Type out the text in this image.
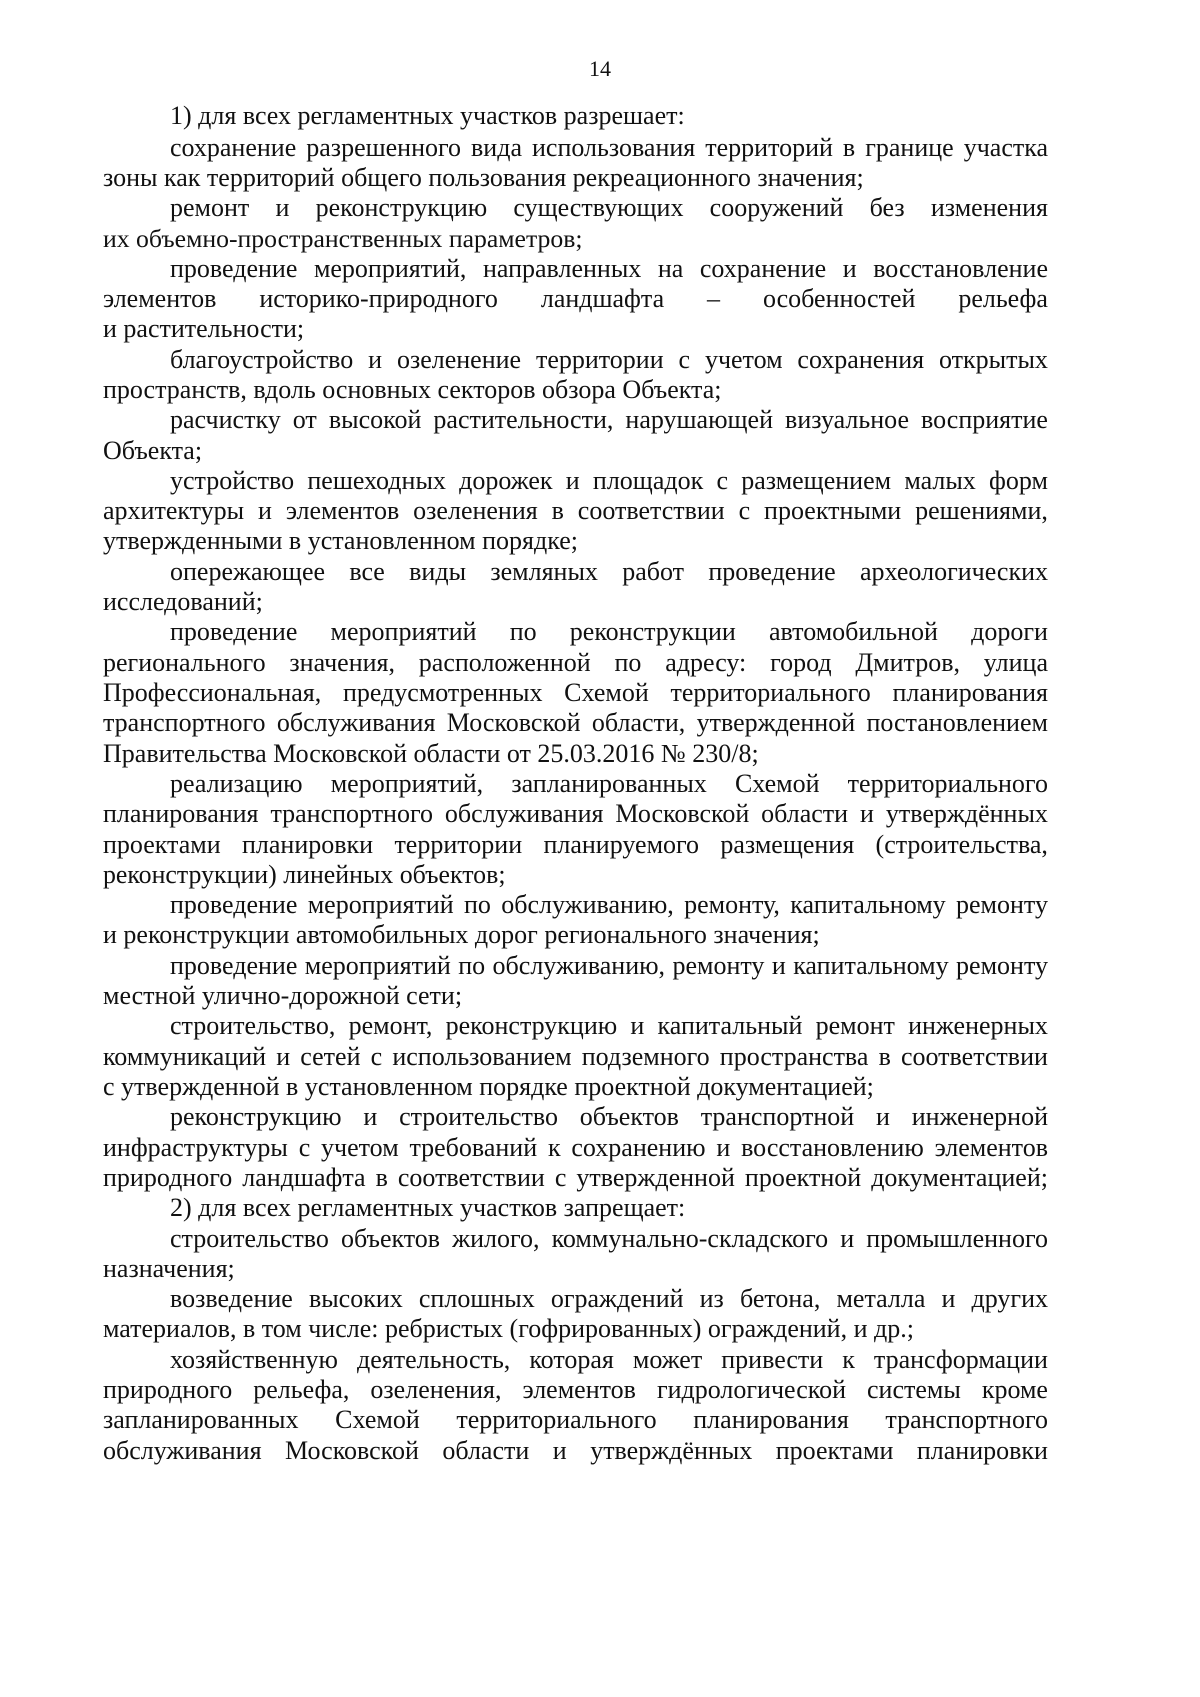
14
1) для всех регламентных участков разрешает:
сохранение разрешенного вида использования территорий в границе участка
зоны как территорий общего пользования рекреационного значения;
ремонт и реконструкцию существующих сооружений без изменения
их объемно-пространственных параметров;
проведение мероприятий, направленных на сохранение и восстановление
элементов историко-природного ландшафта – особенностей рельефа
и растительности;
благоустройство и озеленение территории с учетом сохранения открытых
пространств, вдоль основных секторов обзора Объекта;
расчистку от высокой растительности, нарушающей визуальное восприятие
Объекта;
устройство пешеходных дорожек и площадок с размещением малых форм
архитектуры и элементов озеленения в соответствии с проектными решениями,
утвержденными в установленном порядке;
опережающее все виды земляных работ проведение археологических
исследований;
проведение мероприятий по реконструкции автомобильной дороги
регионального значения, расположенной по адресу: город Дмитров, улица
Профессиональная, предусмотренных Схемой территориального планирования
транспортного обслуживания Московской области, утвержденной постановлением
Правительства Московской области от 25.03.2016 № 230/8;
реализацию мероприятий, запланированных Схемой территориального
планирования транспортного обслуживания Московской области и утверждённых
проектами планировки территории планируемого размещения (строительства,
реконструкции) линейных объектов;
проведение мероприятий по обслуживанию, ремонту, капитальному ремонту
и реконструкции автомобильных дорог регионального значения;
проведение мероприятий по обслуживанию, ремонту и капитальному ремонту
местной улично-дорожной сети;
строительство, ремонт, реконструкцию и капитальный ремонт инженерных
коммуникаций и сетей с использованием подземного пространства в соответствии
с утвержденной в установленном порядке проектной документацией;
реконструкцию и строительство объектов транспортной и инженерной
инфраструктуры с учетом требований к сохранению и восстановлению элементов
природного ландшафта в соответствии с утвержденной проектной документацией;
2) для всех регламентных участков запрещает:
строительство объектов жилого, коммунально-складского и промышленного
назначения;
возведение высоких сплошных ограждений из бетона, металла и других
материалов, в том числе: ребристых (гофрированных) ограждений, и др.;
хозяйственную деятельность, которая может привести к трансформации
природного рельефа, озеленения, элементов гидрологической системы кроме
запланированных Схемой территориального планирования транспортного
обслуживания Московской области и утверждённых проектами планировки
